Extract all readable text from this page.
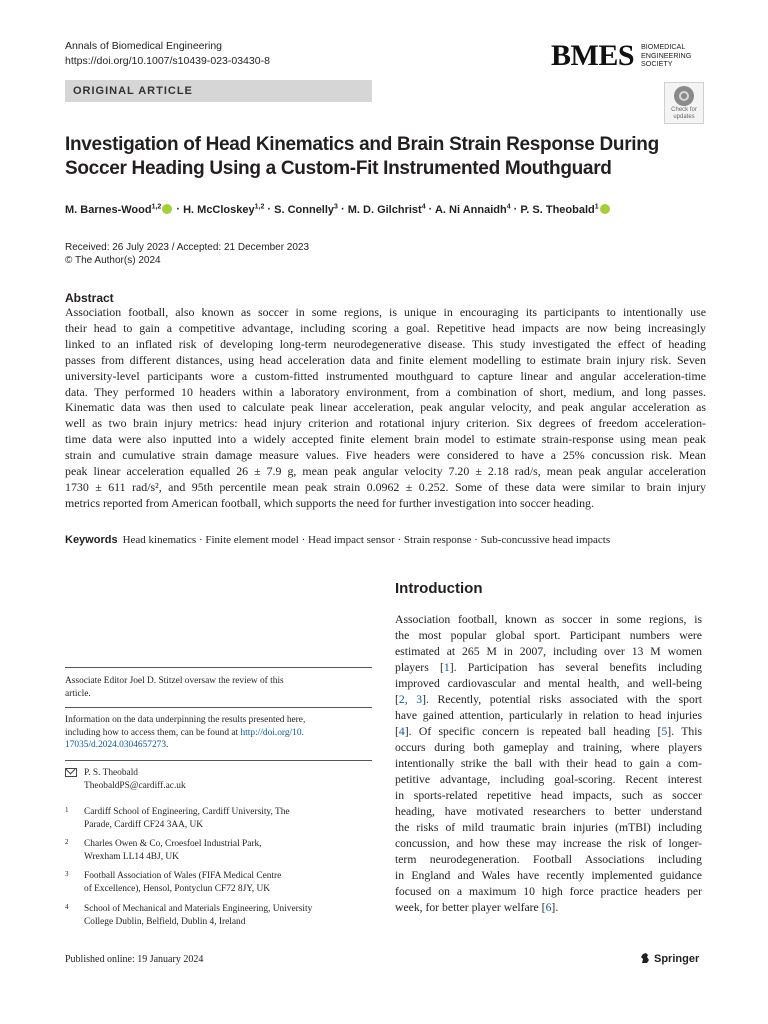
Annals of Biomedical Engineering
https://doi.org/10.1007/s10439-023-03430-8	BMES BIOMEDICAL
ENGINEERING
SOCIETY
ORIGINAL ARTICLE
Check for
updates
Investigation of Head Kinematics and Brain Strain Response During
Soccer Heading Using a Custom-Fit Instrumented Mouthguard
M. Barnes-Wood$^{1,2}$ · H. McCloskey$^{1,2}$ · S. Connelly$^3$ · M. D. Gilchrist$^4$ · A. Ni Annaidh$^4$ · P. S. Theobald$^1$
Received: 26 July 2023 / Accepted: 21 December 2023
© The Author(s) 2024
Abstract
Association football, also known as soccer in some regions, is unique in encouraging its participants to intentionally use
their head to gain a competitive advantage, including scoring a goal. Repetitive head impacts are now being increasingly
linked to an inflated risk of developing long-term neurodegenerative disease. This study investigated the effect of heading
passes from different distances, using head acceleration data and finite element modelling to estimate brain injury risk. Seven
university-level participants wore a custom-fitted instrumented mouthguard to capture linear and angular acceleration-time
data. They performed 10 headers within a laboratory environment, from a combination of short, medium, and long passes.
Kinematic data was then used to calculate peak linear acceleration, peak angular velocity, and peak angular acceleration as
well as two brain injury metrics: head injury criterion and rotational injury criterion. Six degrees of freedom acceleration-
time data were also inputted into a widely accepted finite element brain model to estimate strain-response using mean peak
strain and cumulative strain damage measure values. Five headers were considered to have a 25% concussion risk. Mean
peak linear acceleration equalled 26 ± 7.9 g, mean peak angular velocity 7.20 ± 2.18 rad/s, mean peak angular acceleration
1730 ± 611 rad/s², and 95th percentile mean peak strain 0.0962 ± 0.252. Some of these data were similar to brain injury
metrics reported from American football, which supports the need for further investigation into soccer heading.
Keywords Head kinematics · Finite element model · Head impact sensor · Strain response · Sub-concussive head impacts
Introduction
Association football, known as soccer in some regions, is
the most popular global sport. Participant numbers were
estimated at 265 M in 2007, including over 13 M women
players [1]. Participation has several benefits including
improved cardiovascular and mental health, and well-being
[2, 3]. Recently, potential risks associated with the sport
have gained attention, particularly in relation to head injuries
[4]. Of specific concern is repeated ball heading [5]. This
occurs during both gameplay and training, where players
intentionally strike the ball with their head to gain a com-
petitive advantage, including goal-scoring. Recent interest
in sports-related repetitive head impacts, such as soccer
heading, have motivated researchers to better understand
the risks of mild traumatic brain injuries (mTBI) including
concussion, and how these may increase the risk of longer-
term neurodegeneration. Football Associations including
in England and Wales have recently implemented guidance
focused on a maximum 10 high force practice headers per
week, for better player welfare [6].
Associate Editor Joel D. Stitzel oversaw the review of this
article.
Information on the data underpinning the results presented here,
including how to access them, can be found at http://doi.org/10.
17035/d.2024.0304657273.
P. S. Theobald
TheobaldPS@cardiff.ac.uk
1 Cardiff School of Engineering, Cardiff University, The
Parade, Cardiff CF24 3AA, UK
2 Charles Owen & Co, Croesfoel Industrial Park,
Wrexham LL14 4BJ, UK
3 Football Association of Wales (FIFA Medical Centre
of Excellence), Hensol, Pontyclun CF72 8JY, UK
4 School of Mechanical and Materials Engineering, University
College Dublin, Belfield, Dublin 4, Ireland
Published online: 19 January 2024	Springer
